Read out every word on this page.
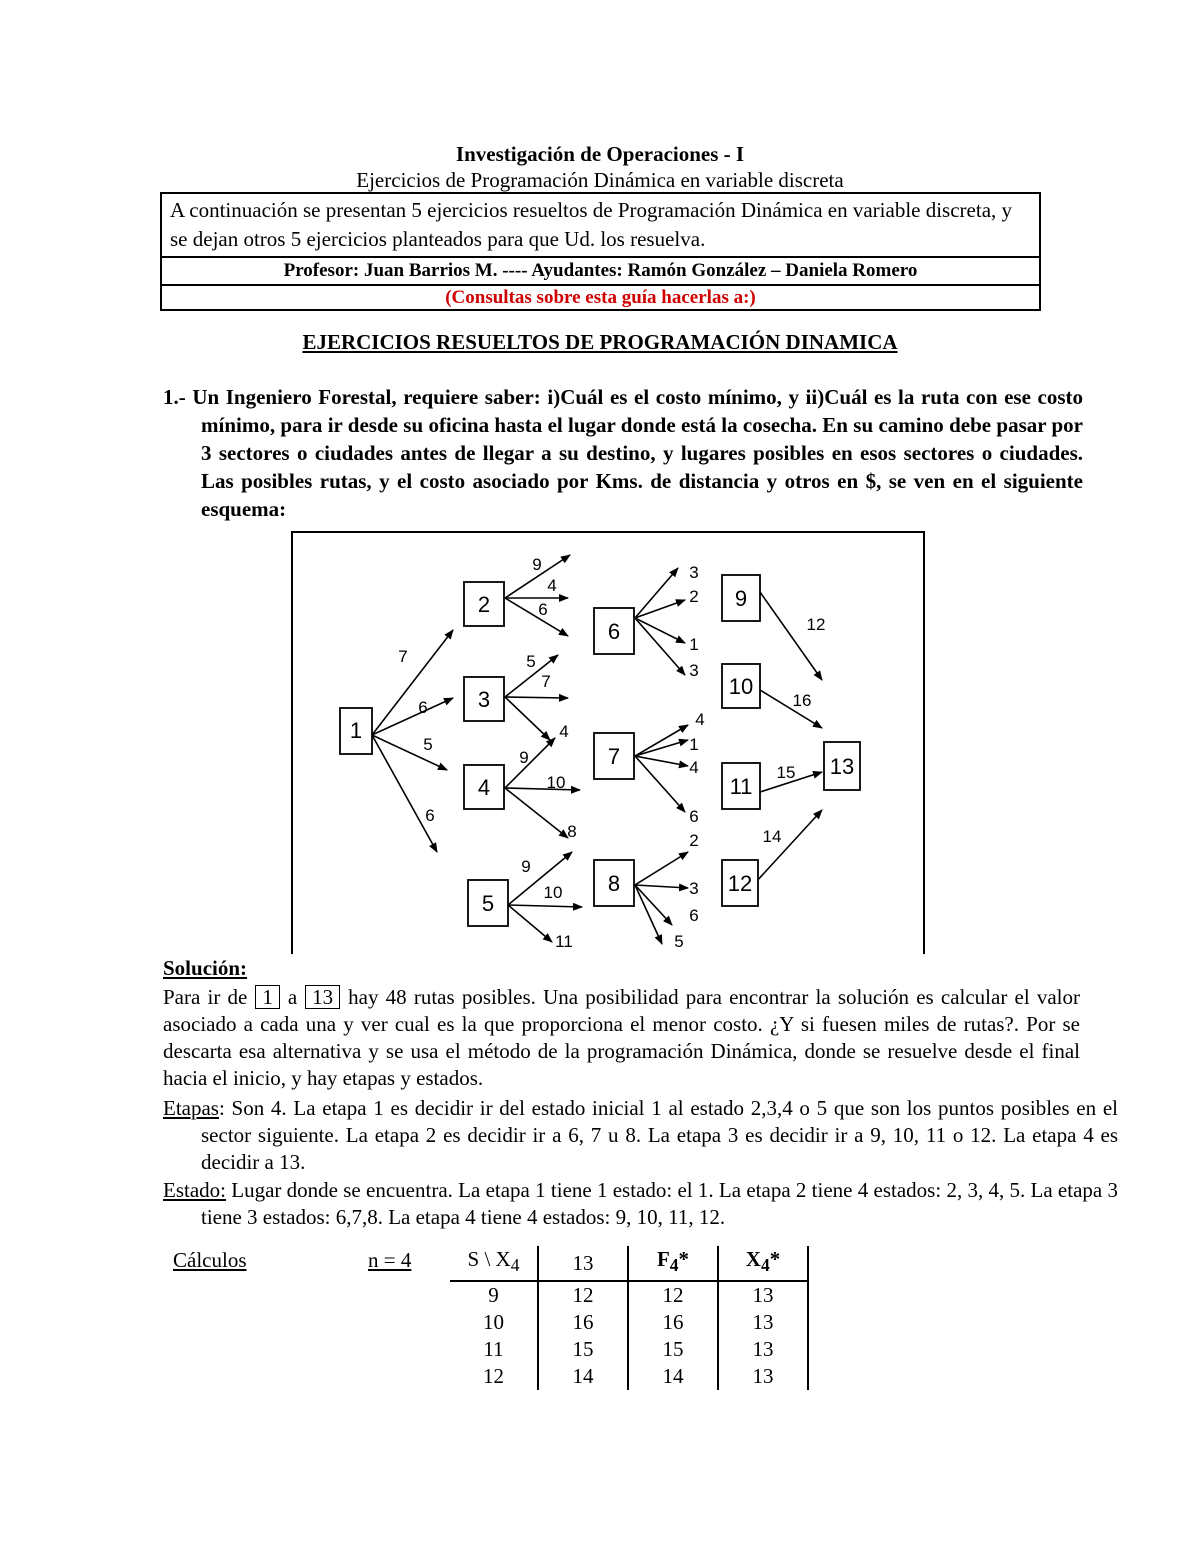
Investigación de Operaciones - I
Ejercicios de Programación Dinámica en variable discreta
A continuación se presentan 5 ejercicios resueltos de Programación Dinámica en variable discreta, y se dejan otros 5 ejercicios planteados para que Ud. los resuelva.
Profesor: Juan Barrios M. ---- Ayudantes: Ramón González – Daniela Romero
(Consultas sobre esta guía hacerlas a:)
EJERCICIOS RESUELTOS DE PROGRAMACIÓN DINAMICA
1.- Un Ingeniero Forestal, requiere saber: i)Cuál es el costo mínimo, y ii)Cuál es la ruta con ese costo mínimo, para ir desde su oficina hasta el lugar donde está la cosecha. En su camino debe pasar por 3 sectores o ciudades antes de llegar a su destino, y lugares posibles en esos sectores o ciudades. Las posibles rutas, y el costo asociado por Kms. de distancia y otros en $, se ven en el siguiente esquema:
1
2
3
4
5
6
7
8
9
10
11
12
13
7
6
5
6
9
4
6
5
7
4
9
10
8
9
10
11
3
2
1
3
4
1
4
6
2
3
6
5
12
16
15
14
Solución:
Para ir de 1 a 13 hay 48 rutas posibles. Una posibilidad para encontrar la solución es calcular el valor asociado a cada una y ver cual es la que proporciona el menor costo. ¿Y si fuesen miles de rutas?. Por se descarta esa alternativa y se usa el método de la programación Dinámica, donde se resuelve desde el final hacia el inicio, y hay etapas y estados.
Etapas: Son 4. La etapa 1 es decidir ir del estado inicial 1 al estado 2,3,4 o 5 que son los puntos posibles en el sector siguiente. La etapa 2 es decidir ir a 6, 7 u 8. La etapa 3 es decidir ir a 9, 10, 11 o 12. La etapa 4 es decidir a 13.
Estado: Lugar donde se encuentra. La etapa 1 tiene 1 estado: el 1. La etapa 2 tiene 4 estados: 2, 3, 4, 5. La etapa 3 tiene 3 estados: 6,7,8. La etapa 4 tiene 4 estados: 9, 10, 11, 12.
Cálculos	n = 4	S \ $X_4$	13	$F_4*$	$X_4*$
9	12	12	13
10	16	16	13
11	15	15	13
12	14	14	13
